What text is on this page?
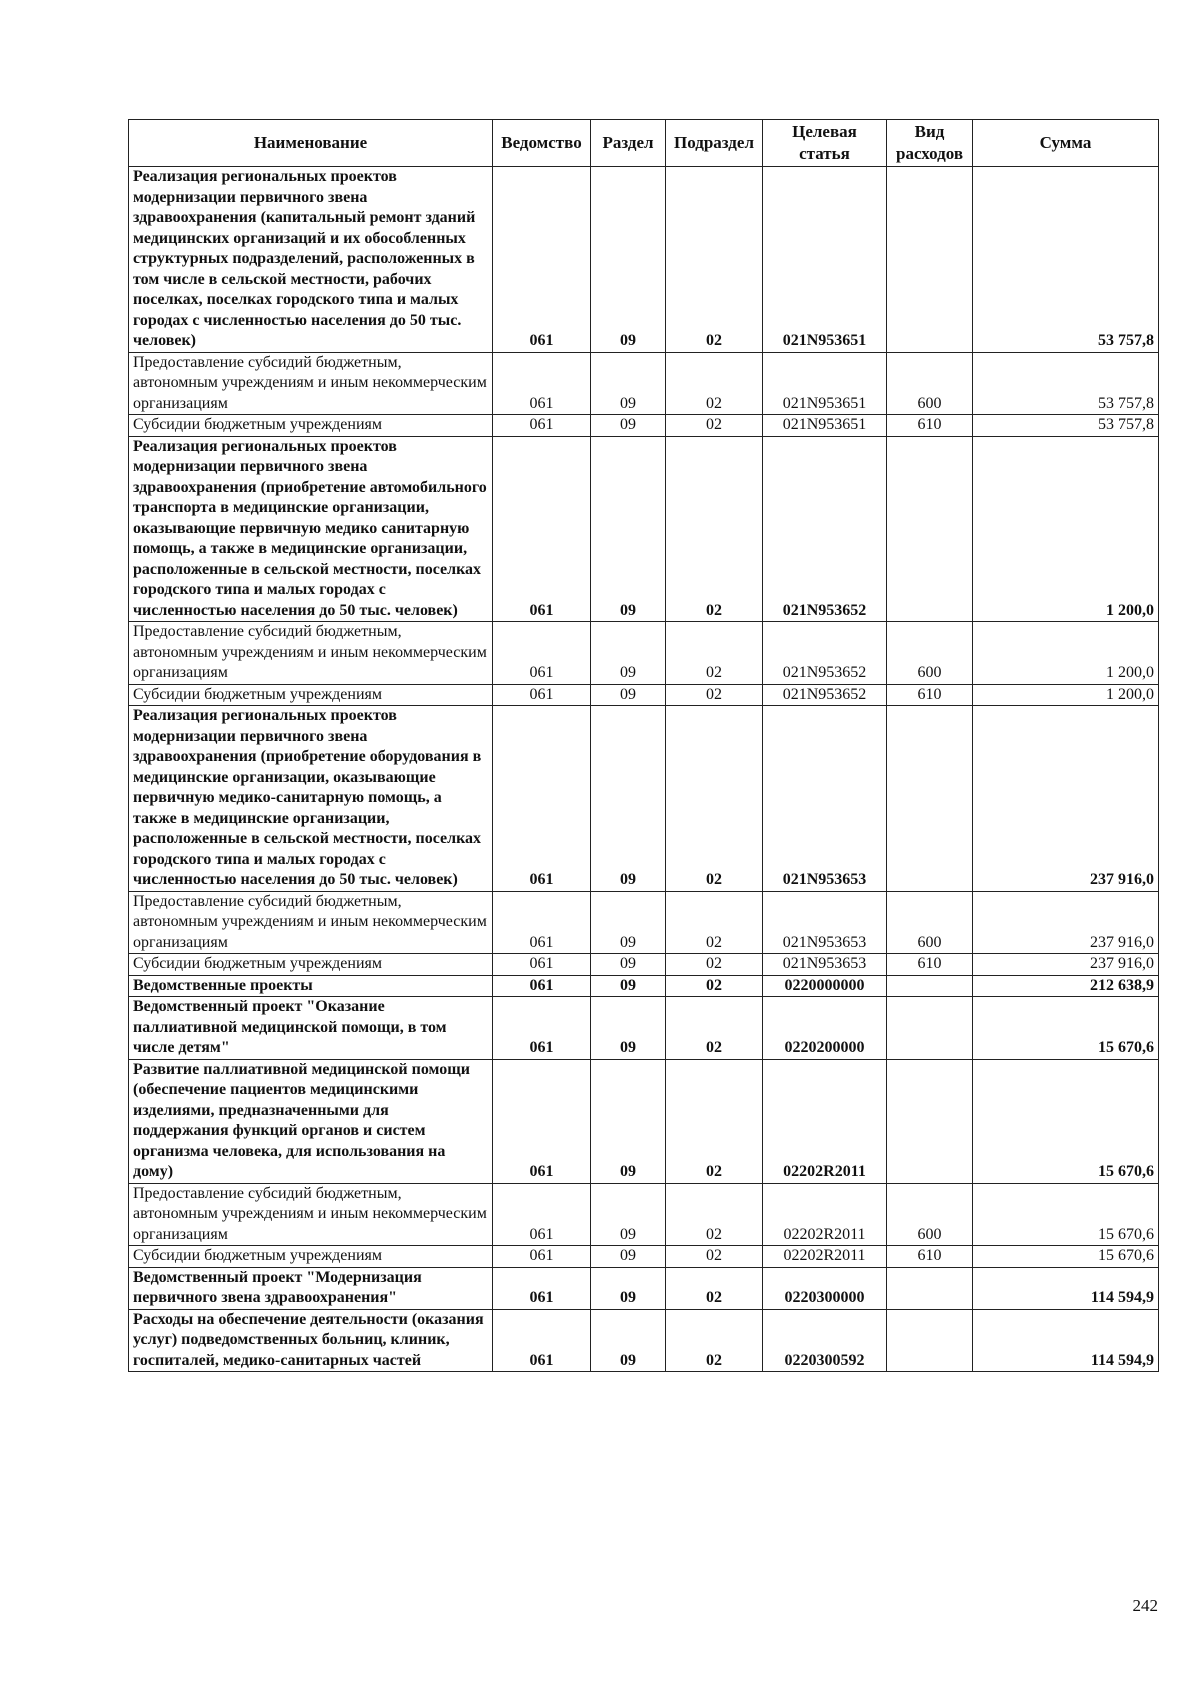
Наименование	Ведомство	Раздел	Подраздел	Целевая статья	Вид расходов	Сумма
Реализация региональных проектов модернизации первичного звена здравоохранения (капитальный ремонт зданий медицинских организаций и их обособленных структурных подразделений, расположенных в том числе в сельской местности, рабочих поселках, поселках городского типа и малых городах с численностью населения до 50 тыс. человек)	061	09	02	021N953651		53 757,8
Предоставление субсидий бюджетным, автономным учреждениям и иным некоммерческим организациям	061	09	02	021N953651	600	53 757,8
Субсидии бюджетным учреждениям	061	09	02	021N953651	610	53 757,8
Реализация региональных проектов модернизации первичного звена здравоохранения (приобретение автомобильного транспорта в медицинские организации, оказывающие первичную медико санитарную помощь, а также в медицинские организации, расположенные в сельской местности, поселках городского типа и малых городах с численностью населения до 50 тыс. человек)	061	09	02	021N953652		1 200,0
Предоставление субсидий бюджетным, автономным учреждениям и иным некоммерческим организациям	061	09	02	021N953652	600	1 200,0
Субсидии бюджетным учреждениям	061	09	02	021N953652	610	1 200,0
Реализация региональных проектов модернизации первичного звена здравоохранения (приобретение оборудования в медицинские организации, оказывающие первичную медико-санитарную помощь, а также в медицинские организации, расположенные в сельской местности, поселках городского типа и малых городах с численностью населения до 50 тыс. человек)	061	09	02	021N953653		237 916,0
Предоставление субсидий бюджетным, автономным учреждениям и иным некоммерческим организациям	061	09	02	021N953653	600	237 916,0
Субсидии бюджетным учреждениям	061	09	02	021N953653	610	237 916,0
Ведомственные проекты	061	09	02	0220000000		212 638,9
Ведомственный проект "Оказание паллиативной медицинской помощи, в том числе детям"	061	09	02	0220200000		15 670,6
Развитие паллиативной медицинской помощи (обеспечение пациентов медицинскими изделиями, предназначенными для поддержания функций органов и систем организма человека, для использования на дому)	061	09	02	02202R2011		15 670,6
Предоставление субсидий бюджетным, автономным учреждениям и иным некоммерческим организациям	061	09	02	02202R2011	600	15 670,6
Субсидии бюджетным учреждениям	061	09	02	02202R2011	610	15 670,6
Ведомственный проект "Модернизация первичного звена здравоохранения"	061	09	02	0220300000		114 594,9
Расходы на обеспечение деятельности (оказания услуг) подведомственных больниц, клиник, госпиталей, медико-санитарных частей	061	09	02	0220300592		114 594,9
242
